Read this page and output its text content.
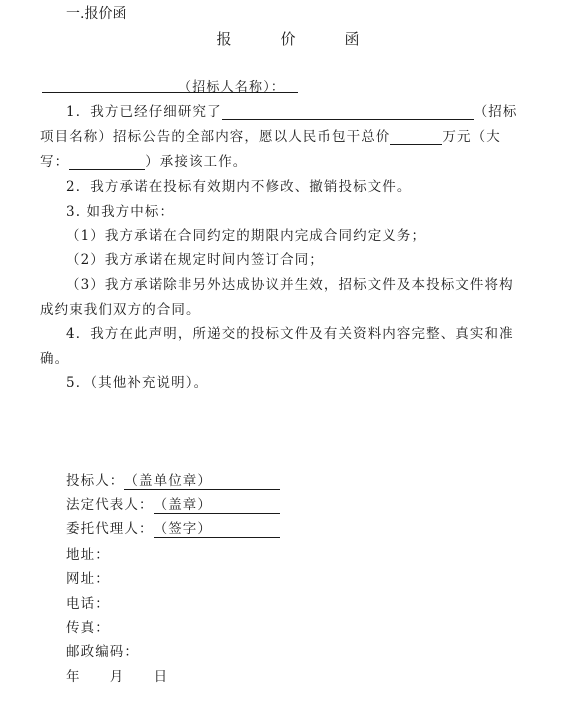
一.报价函
报　价　函
（招标人名称）：
1．我方已经仔细研究了	（招标
项目名称）招标公告的全部内容，愿以人民币包干总价	万元（大
写：	）承接该工作。
2．我方承诺在投标有效期内不修改、撤销投标文件。
3. 如我方中标：
（1）我方承诺在合同约定的期限内完成合同约定义务；
（2）我方承诺在规定时间内签订合同；
（3）我方承诺除非另外达成协议并生效，招标文件及本投标文件将构
成约束我们双方的合同。
4．我方在此声明，所递交的投标文件及有关资料内容完整、真实和准
确。
5．（其他补充说明）。
投标人：（盖单位章）
法定代表人：（盖章）
委托代理人：（签字）
地址：
网址：
电话：
传真：
邮政编码：
年　　月　　日
